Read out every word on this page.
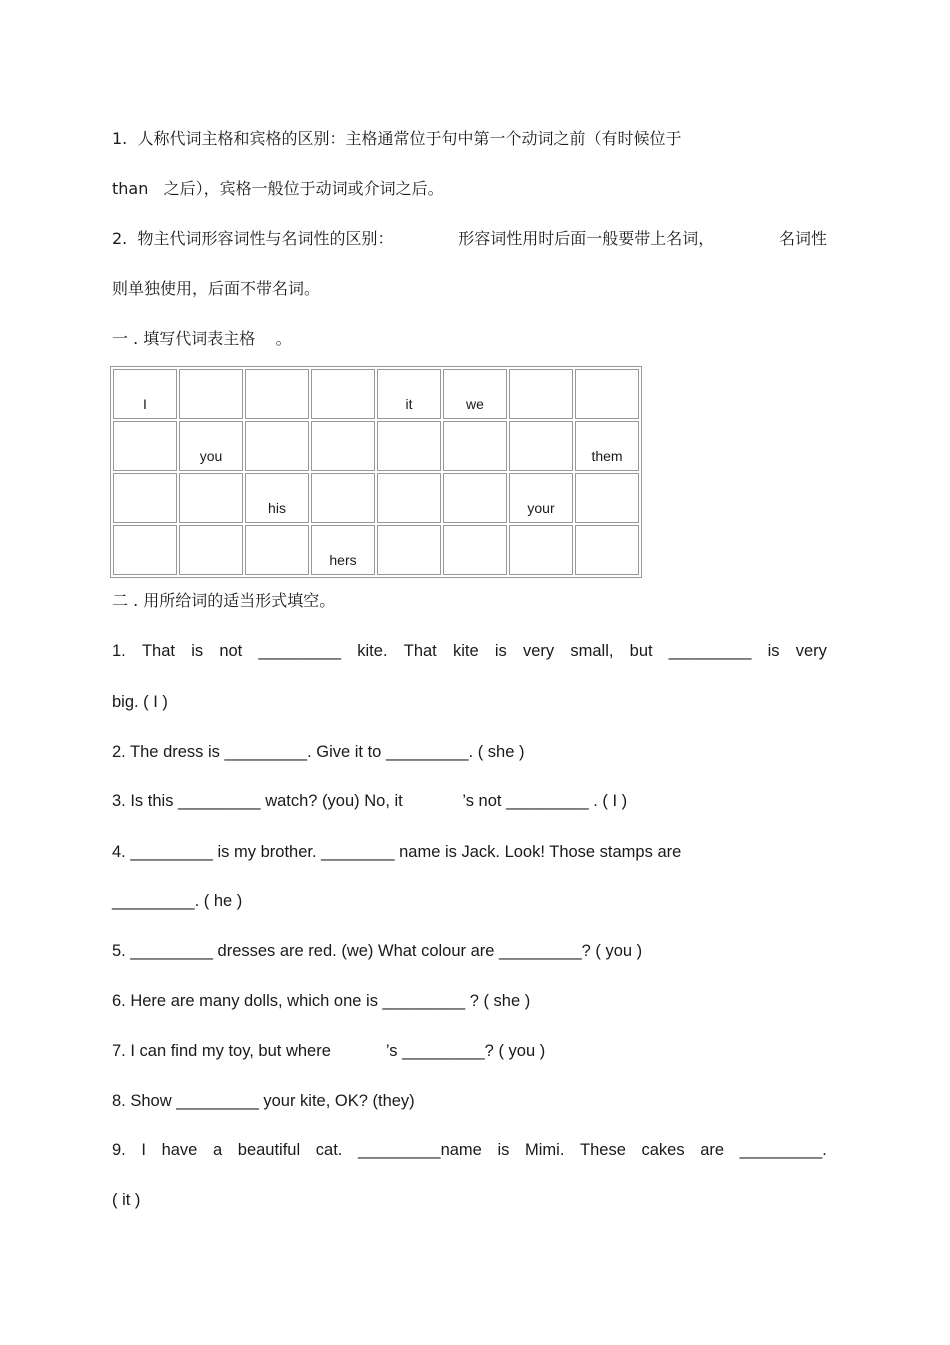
1.  人称代词主格和宾格的区别：主格通常位于句中第一个动词之前（有时候位于
than   之后），宾格一般位于动词或介词之后。
2.  物主代词形容词性与名词性的区别：	形容词性用时后面一般要带上名词，	名词性
则单独使用，后面不带名词。
一 . 填写代词表主格    。
I				it	we		
	you						them
		his				your	
			hers				
二 . 用所给词的适当形式填空。
1. That is not _________ kite. That kite is very small, but _________ is very
big. ( I )
2. The dress is _________. Give it to _________. ( she )
3. Is this _________ watch? (you) No, it             ’s not _________ . ( I )
4. _________ is my brother. ________ name is Jack. Look! Those stamps are
_________. ( he )
5. _________ dresses are red. (we) What colour are _________? ( you )
6. Here are many dolls, which one is _________ ? ( she )
7. I can find my toy, but where            ’s _________? ( you )
8. Show _________ your kite, OK? (they)
9. I have a beautiful cat. _________name is Mimi. These cakes are _________.
( it )
